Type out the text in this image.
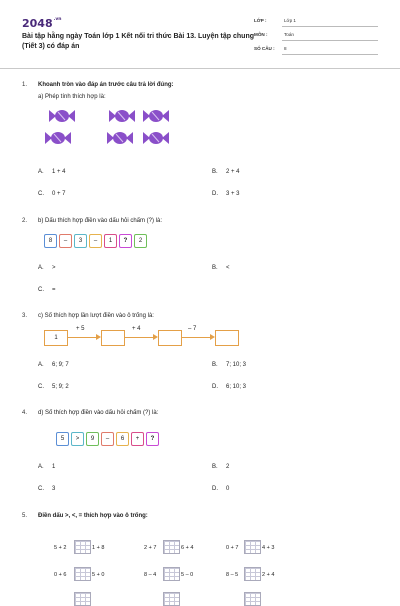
$2048^{.vn}$
Bài tập hằng ngày Toán lớp 1 Kết nối tri thức Bài 13. Luyện tập chung (Tiết 3) có đáp án
LỚP :	Lớp 1
MÔN :	Toán
SỐ CÂU : 8
1. Khoanh tròn vào đáp án trước câu trả lời đúng:
a) Phép tính thích hợp là:
A. 1 + 4	B. 2 + 4
C. 0 + 7	D. 3 + 3
2. b) Dấu thích hợp điền vào dấu hỏi chấm (?) là:
8 – 3 – 1 ? 2
A. >	B. <
C. =
3. c) Số thích hợp lần lượt điền vào ô trống là:
+ 5	+ 4	– 7
1
A. 6; 9; 7	B. 7; 10; 3
C. 5; 9; 2	D. 6; 10; 3
4. d) Số thích hợp điền vào dấu hỏi chấm (?) là:
5 > 9 – 6 + ?
A. 1	B. 2
C. 3	D. 0
5. Điền dấu >, <, = thích hợp vào ô trống:
5 + 2	1 + 8	2 + 7	6 + 4	0 + 7	4 + 3
0 + 6	5 + 0	8 – 4	5 – 0	8 – 5	2 + 4
